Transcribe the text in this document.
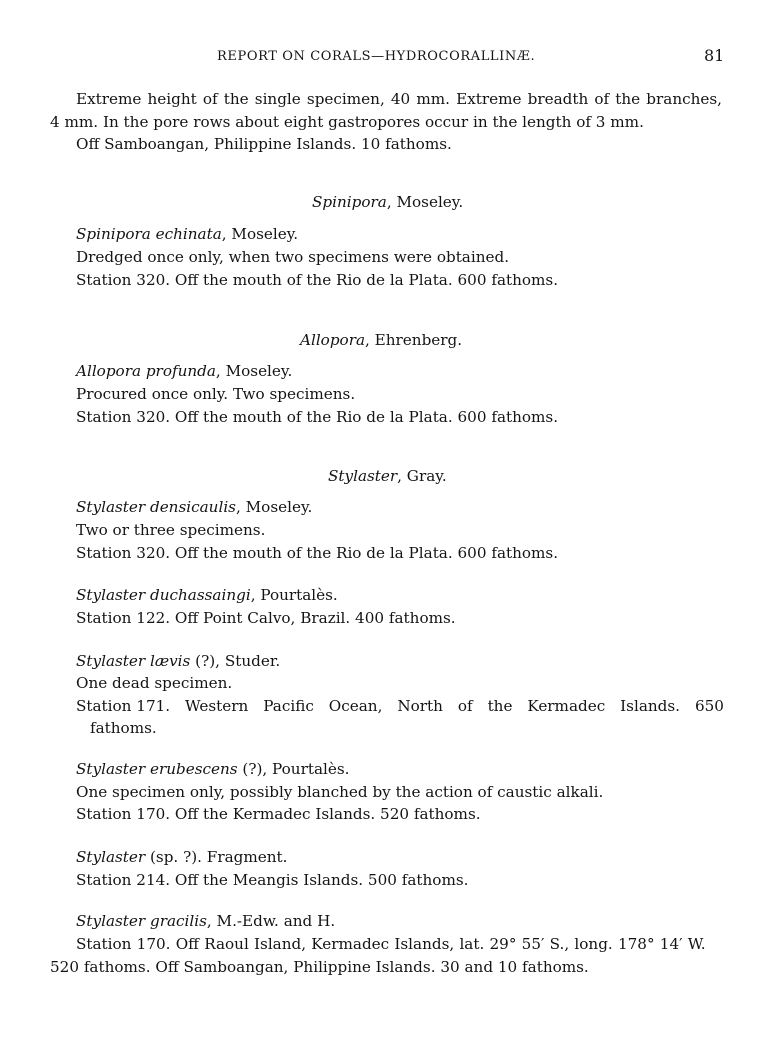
REPORT ON CORALS—HYDROCORALLINÆ.	81
Extreme height of the single specimen, 40 mm. Extreme breadth of the branches,
4 mm. In the pore rows about eight gastropores occur in the length of 3 mm.
Off Samboangan, Philippine Islands. 10 fathoms.
Spinipora, Moseley.
Spinipora echinata, Moseley.
Dredged once only, when two specimens were obtained.
Station 320. Off the mouth of the Rio de la Plata. 600 fathoms.
Allopora, Ehrenberg.
Allopora profunda, Moseley.
Procured once only. Two specimens.
Station 320. Off the mouth of the Rio de la Plata. 600 fathoms.
Stylaster, Gray.
Stylaster densicaulis, Moseley.
Two or three specimens.
Station 320. Off the mouth of the Rio de la Plata. 600 fathoms.
Stylaster duchassaingi, Pourtalès.
Station 122. Off Point Calvo, Brazil. 400 fathoms.
Stylaster lævis (?), Studer.
One dead specimen.
Station 171. Western Pacific Ocean, North of the Kermadec Islands. 650
fathoms.
Stylaster erubescens (?), Pourtalès.
One specimen only, possibly blanched by the action of caustic alkali.
Station 170. Off the Kermadec Islands. 520 fathoms.
Stylaster (sp. ?). Fragment.
Station 214. Off the Meangis Islands. 500 fathoms.
Stylaster gracilis, M.-Edw. and H.
Station 170. Off Raoul Island, Kermadec Islands, lat. 29° 55′ S., long. 178° 14′ W.
520 fathoms. Off Samboangan, Philippine Islands. 30 and 10 fathoms.
